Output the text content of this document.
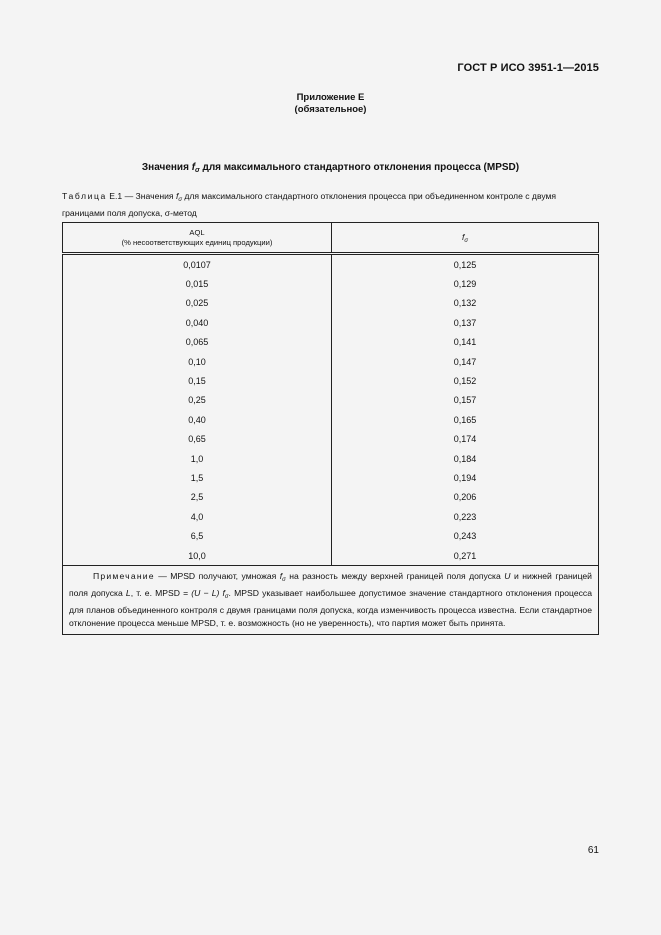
ГОСТ Р ИСО 3951-1—2015
Приложение Е
(обязательное)
Значения $f_\sigma$ для максимального стандартного отклонения процесса (MPSD)
Таблица Е.1 — Значения $f_\sigma$ для максимального стандартного отклонения процесса при объединенном контроле с двумя границами поля допуска, σ-метод
AQL
(% несоответствующих единиц продукции)	$f_\sigma$
0,0107	0,125
0,015	0,129
0,025	0,132
0,040	0,137
0,065	0,141
0,10	0,147
0,15	0,152
0,25	0,157
0,40	0,165
0,65	0,174
1,0	0,184
1,5	0,194
2,5	0,206
4,0	0,223
6,5	0,243
10,0	0,271
Примечание — MPSD получают, умножая $f_\sigma$ на разность между верхней границей поля допуска U и нижней границей поля допуска L, т. е. MPSD = (U − L) $f_\sigma$. MPSD указывает наибольшее допустимое значение стандартного отклонения процесса для планов объединенного контроля с двумя границами поля допуска, когда изменчивость процесса известна. Если стандартное отклонение процесса меньше MPSD, т. е. возможность (но не уверенность), что партия может быть принята.	
61
